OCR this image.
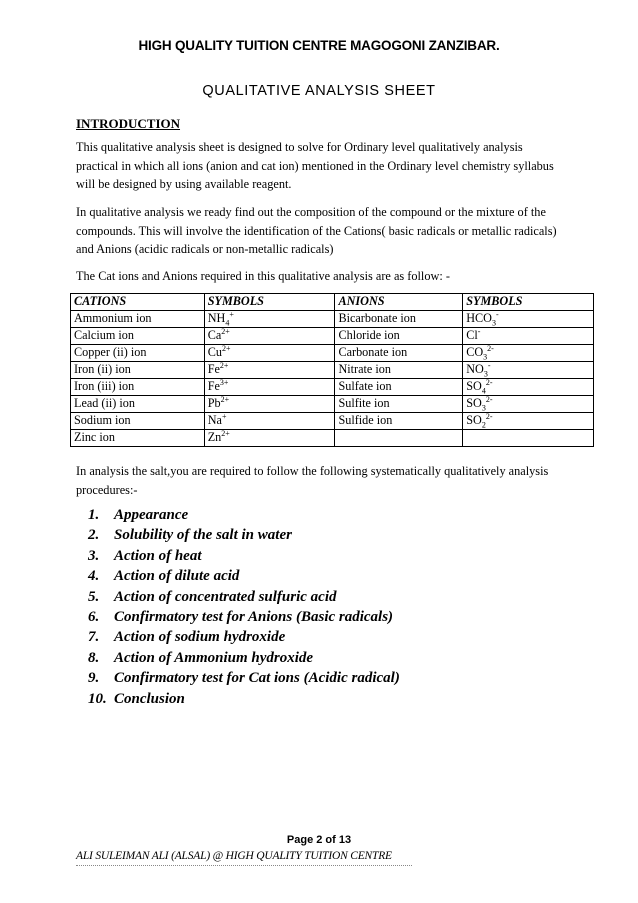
HIGH QUALITY TUITION CENTRE MAGOGONI ZANZIBAR.
QUALITATIVE ANALYSIS SHEET
INTRODUCTION
This qualitative analysis sheet is designed to solve for Ordinary level qualitatively analysis practical in which all ions (anion and cat ion) mentioned in the Ordinary level chemistry syllabus will be designed by using available reagent.
In qualitative analysis we ready find out the composition of the compound or the mixture of the compounds. This will involve the identification of the Cations( basic radicals or metallic radicals) and Anions (acidic radicals or non-metallic radicals)
The Cat ions and Anions required in this qualitative analysis are as follow: -
CATIONS	SYMBOLS	ANIONS	SYMBOLS
Ammonium ion	$NH_4^+$	Bicarbonate ion	$HCO_3^-$
Calcium ion	$Ca^{2+}$	Chloride ion	Cl-
Copper (ii) ion	$Cu^{2+}$	Carbonate ion	$CO_3^{2-}$
Iron (ii) ion	$Fe^{2+}$	Nitrate ion	$NO_3^-$
Iron (iii) ion	$Fe^{3+}$	Sulfate ion	$SO_4^{2-}$
Lead (ii) ion	$Pb^{2+}$	Sulfite ion	$SO_3^{2-}$
Sodium ion	Na+	Sulfide ion	$SO_2^{2-}$
Zinc ion	$Zn^{2+}$		
In analysis the salt,you are required to follow the following systematically qualitatively analysis procedures:-
1. Appearance
2. Solubility of the salt in water
3. Action of heat
4. Action of dilute acid
5. Action of concentrated sulfuric acid
6. Confirmatory test for Anions (Basic radicals)
7. Action of sodium hydroxide
8. Action of Ammonium hydroxide
9. Confirmatory test for Cat ions (Acidic radical)
10. Conclusion
Page 2 of 13
ALI SULEIMAN ALI (ALSAL) @ HIGH QUALITY TUITION CENTRE
